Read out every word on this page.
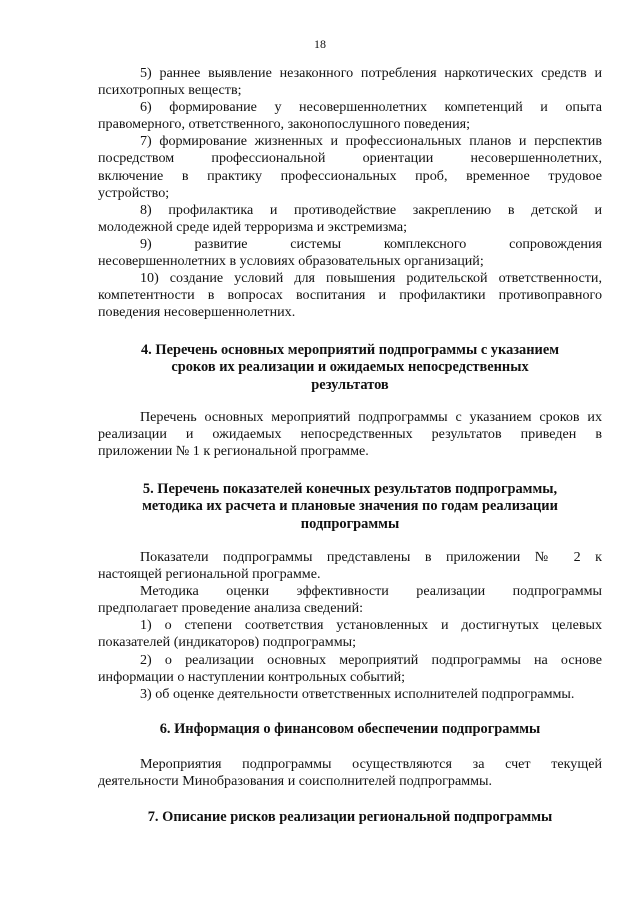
18

5) раннее выявление незаконного потребления наркотических средств и
психотропных веществ;

6) формирование у несовершеннолетних компетенций и опыта
правомерного, ответственного, законопослушного поведения;

7) формирование жизненных и профессиональных планов и перспектив
посредством профессиональной ориентации несовершеннолетних,
включение в практику профессиональных проб, временное трудовое
устройство;

8) профилактика и противодействие закреплению в детской и
молодежной среде идей терроризма и экстремизма;

9) развитие системы комплексного сопровождения
несовершеннолетних в условиях образовательных организаций;

10) создание условий для повышения родительской ответственности,
компетентности в вопросах воспитания и профилактики противоправного
поведения несовершеннолетних.

4. Перечень основных мероприятий подпрограммы с указанием
сроков их реализации и ожидаемых непосредственных
результатов

Перечень основных мероприятий подпрограммы с указанием сроков их
реализации и ожидаемых непосредственных результатов приведен в
приложении № 1 к региональной программе.

5. Перечень показателей конечных результатов подпрограммы,
методика их расчета и плановые значения по годам реализации
подпрограммы

Показатели подпрограммы представлены в приложении № 2 к
настоящей региональной программе.

Методика оценки эффективности реализации подпрограммы
предполагает проведение анализа сведений:

1) о степени соответствия установленных и достигнутых целевых
показателей (индикаторов) подпрограммы;

2) о реализации основных мероприятий подпрограммы на основе
информации о наступлении контрольных событий;

3) об оценке деятельности ответственных исполнителей подпрограммы.

6. Информация о финансовом обеспечении подпрограммы

Мероприятия подпрограммы осуществляются за счет текущей
деятельности Минобразования и соисполнителей подпрограммы.

7. Описание рисков реализации региональной подпрограммы
